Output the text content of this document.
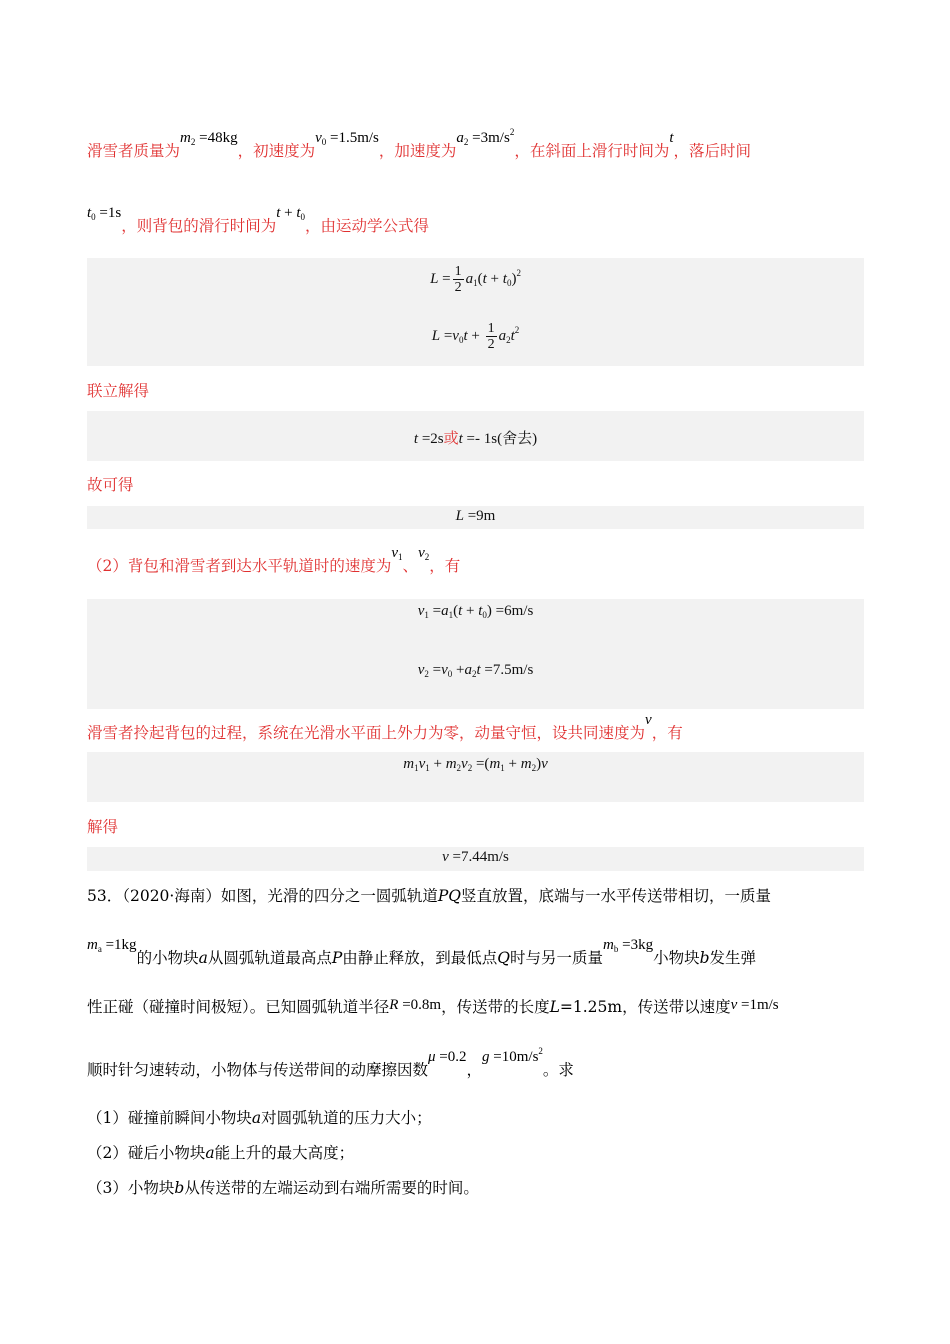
滑雪者质量为$m_2 =48kg$，初速度为$v_0 =1.5m/s$，加速度为$a_2 =3m/s^2$，在斜面上滑行时间为t，落后时间
$t_0 =1s$，则背包的滑行时间为$t + t_0$，由运动学公式得
$L = \frac{1}{2} a_1(t + t_0)^2$
$L =v_0t + \frac{1}{2} a_2t^2$
联立解得
t =2s或t =- 1s(舍去)
故可得
L =9m
（2）背包和滑雪者到达水平轨道时的速度为$v_1$、$v_2$，有
$v_1 =a_1(t + t_0) =6m/s$
$v_2 =v_0 +a_2t =7.5m/s$
滑雪者拎起背包的过程，系统在光滑水平面上外力为零，动量守恒，设共同速度为v，有
$m_1v_1 + m_2v_2 =(m_1 + m_2)v$
解得
v =7.44m/s
53．（2020·海南）如图，光滑的四分之一圆弧轨道PQ竖直放置，底端与一水平传送带相切，一质量
$m_a =1kg$的小物块a从圆弧轨道最高点P由静止释放，到最低点Q时与另一质量$m_b =3kg$小物块b发生弹
性正碰（碰撞时间极短）。已知圆弧轨道半径R =0.8m，传送带的长度L=1.25m，传送带以速度v =1m/s
顺时针匀速转动，小物体与传送带间的动摩擦因数μ =0.2，$g =10m/s^2$。求
（1）碰撞前瞬间小物块a对圆弧轨道的压力大小；
（2）碰后小物块a能上升的最大高度；
（3）小物块b从传送带的左端运动到右端所需要的时间。
